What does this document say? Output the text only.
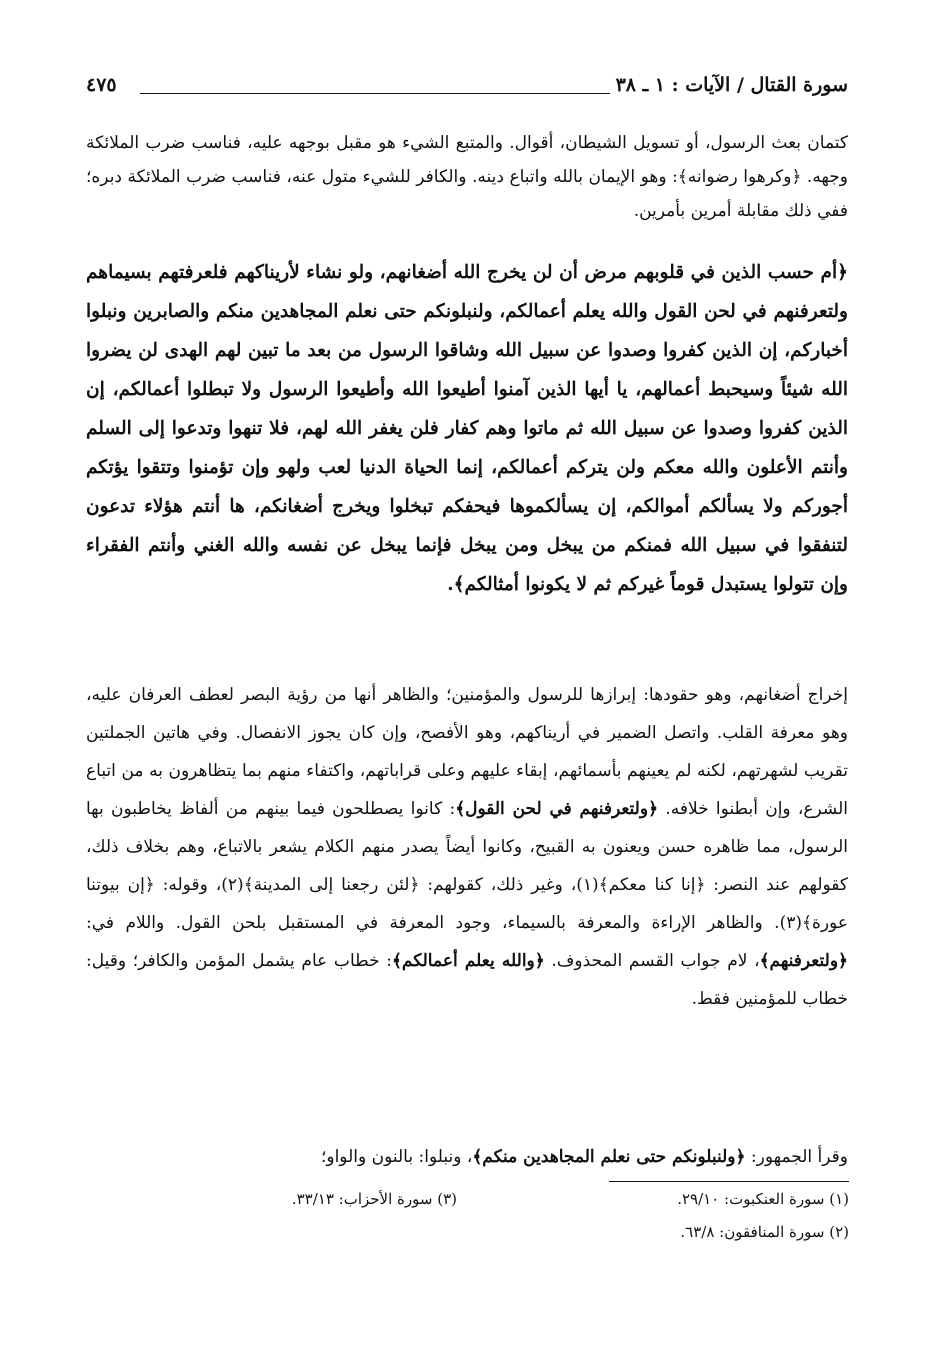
سورة القتال / الآيات : ١ ـ ٣٨
٤٧٥

كتمان بعث الرسول، أو تسويل الشيطان، أقوال. والمتبع الشيء هو مقبل بوجهه عليه، فناسب ضرب الملائكة وجهه. ﴿وكرهوا رضوانه﴾: وهو الإيمان بالله واتباع دينه. والكافر للشيء متول عنه، فناسب ضرب الملائكة دبره؛ ففي ذلك مقابلة أمرين بأمرين.

﴿أم حسب الذين في قلوبهم مرض أن لن يخرج الله أضغانهم، ولو نشاء لأريناكهم فلعرفتهم بسيماهم ولتعرفنهم في لحن القول والله يعلم أعمالكم، ولنبلونكم حتى نعلم المجاهدين منكم والصابرين ونبلوا أخباركم، إن الذين كفروا وصدوا عن سبيل الله وشاقوا الرسول من بعد ما تبين لهم الهدى لن يضروا الله شيئاً وسيحبط أعمالهم، يا أيها الذين آمنوا أطيعوا الله وأطيعوا الرسول ولا تبطلوا أعمالكم، إن الذين كفروا وصدوا عن سبيل الله ثم ماتوا وهم كفار فلن يغفر الله لهم، فلا تنهوا وتدعوا إلى السلم وأنتم الأعلون والله معكم ولن يتركم أعمالكم، إنما الحياة الدنيا لعب ولهو وإن تؤمنوا وتتقوا يؤتكم أجوركم ولا يسألكم أموالكم، إن يسألكموها فيحفكم تبخلوا ويخرج أضغانكم، ها أنتم هؤلاء تدعون لتنفقوا في سبيل الله فمنكم من يبخل ومن يبخل فإنما يبخل عن نفسه والله الغني وأنتم الفقراء وإن تتولوا يستبدل قوماً غيركم ثم لا يكونوا أمثالكم﴾.

إخراج أضغانهم، وهو حقودها: إبرازها للرسول والمؤمنين؛ والظاهر أنها من رؤية البصر لعطف العرفان عليه، وهو معرفة القلب. واتصل الضمير في أريناكهم، وهو الأفصح، وإن كان يجوز الانفصال. وفي هاتين الجملتين تقريب لشهرتهم، لكنه لم يعينهم بأسمائهم، إبقاء عليهم وعلى قراباتهم، واكتفاء منهم بما يتظاهرون به من اتباع الشرع، وإن أبطنوا خلافه. ﴿ولتعرفنهم في لحن القول﴾: كانوا يصطلحون فيما بينهم من ألفاظ يخاطبون بها الرسول، مما ظاهره حسن ويعنون به القبيح، وكانوا أيضاً يصدر منهم الكلام يشعر بالاتباع، وهم بخلاف ذلك، كقولهم عند النصر: ﴿إنا كنا معكم﴾(١)، وغير ذلك، كقولهم: ﴿لئن رجعنا إلى المدينة﴾(٢)، وقوله: ﴿إن بيوتنا عورة﴾(٣). والظاهر الإراءة والمعرفة بالسيماء، وجود المعرفة في المستقبل بلحن القول. واللام في: ﴿ولتعرفنهم﴾، لام جواب القسم المحذوف. ﴿والله يعلم أعمالكم﴾: خطاب عام يشمل المؤمن والكافر؛ وقيل: خطاب للمؤمنين فقط.

وقرأ الجمهور: ﴿ولنبلونكم حتى نعلم المجاهدين منكم﴾، ونبلوا: بالنون والواو؛

(١) سورة العنكبوت: ٢٩/١٠.
(٢) سورة المنافقون: ٦٣/٨.
(٣) سورة الأحزاب: ٣٣/١٣.
